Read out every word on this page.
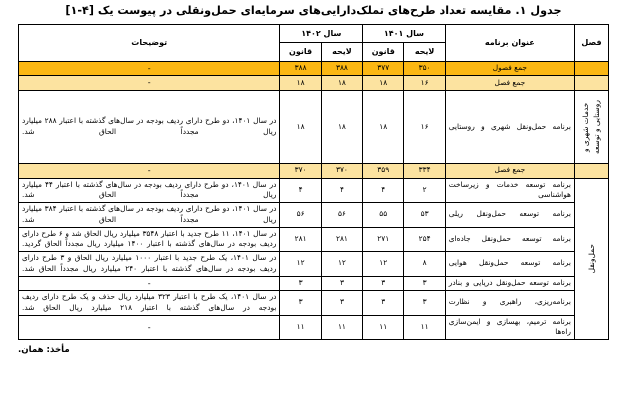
جدول ۱. مقایسه تعداد طرح‌های تملک‌دارایی‌های سرمایه‌ای حمل‌ونقلی در پیوست یک [۴-۱]
فصل	عنوان برنامه	سال ۱۴۰۱		سال ۱۴۰۲		توضیحات
		لایحه	قانون	لایحه	قانون	
	جمع فصول	۳۵۰	۳۷۷	۳۸۸	۳۸۸	-
	جمع فصل	۱۶	۱۸	۱۸	۱۸	-

خدمات شهری و روستایی و توسعه	برنامه حمل‌ونقل شهری و روستایی	۱۶	۱۸	۱۸	۱۸	در سال ۱۴۰۱، دو طرح دارای ردیف بودجه در سال‌های گذشته با اعتبار ۲۸۸ میلیارد ریال مجدداً الحاق شد.
	جمع فصل	۳۳۴	۳۵۹	۳۷۰	۳۷۰	-

حمل‌ونقل	برنامه توسعه خدمات و زیرساخت هواشناسی	۲	۴	۴	۴	در سال ۱۴۰۱، دو طرح دارای ردیف بودجه در سال‌های گذشته با اعتبار ۴۴ میلیارد ریال مجدداً الحاق شد.
	برنامه توسعه حمل‌ونقل ریلی	۵۳	۵۵	۵۶	۵۶	در سال ۱۴۰۱، دو طرح دارای ردیف بودجه در سال‌های گذشته با اعتبار ۳۸۴ میلیارد ریال مجدداً الحاق شد.
	برنامه توسعه حمل‌ونقل جاده‌ای	۲۵۴	۲۷۱	۲۸۱	۲۸۱	در سال ۱۴۰۱، ۱۱ طرح جدید با اعتبار ۳۵۴۸ میلیارد ریال الحاق شد و ۶ طرح دارای ردیف بودجه در سال‌های گذشته با اعتبار ۱۴۰۰ میلیارد ریال مجدداً الحاق گردید.
	برنامه توسعه حمل‌ونقل هوایی	۸	۱۲	۱۲	۱۲	در سال ۱۴۰۱، یک طرح جدید با اعتبار ۱۰۰۰ میلیارد ریال الحاق و ۳ طرح دارای ردیف بودجه در سال‌های گذشته با اعتبار ۲۴۰ میلیارد ریال مجدداً الحاق شد.
	برنامه توسعه حمل‌ونقل دریایی و بنادر	۳	۳	۳	۳	-
	برنامه‌ریزی، راهبری و نظارت	۳	۳	۳	۳	در سال ۱۴۰۱، یک طرح با اعتبار ۳۲۳ میلیارد ریال حذف و یک طرح دارای ردیف بودجه در سال‌های گذشته با اعتبار ۲۱۸ میلیارد ریال الحاق شد.
	برنامه ترمیم، بهسازی و ایمن‌سازی راه‌ها	۱۱	۱۱	۱۱	۱۱	-
مأخذ: همان.
